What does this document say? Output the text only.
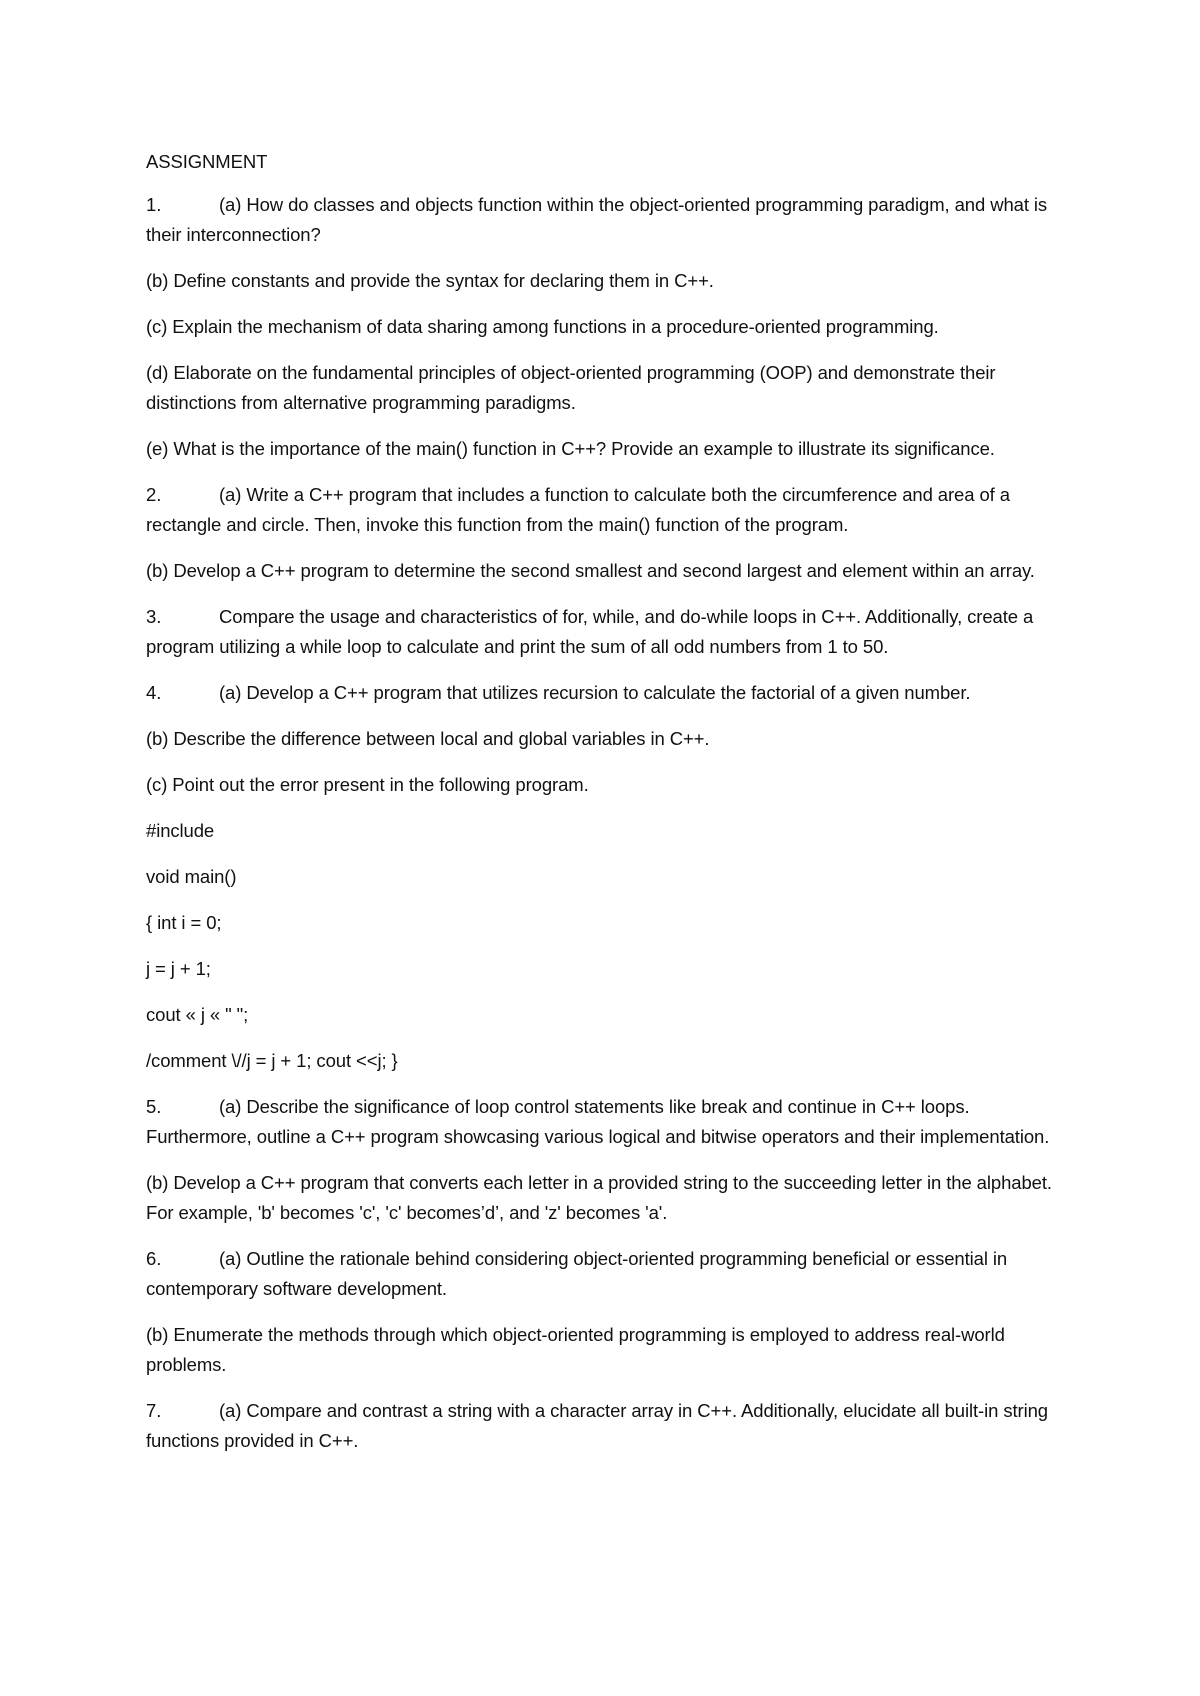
ASSIGNMENT
1.	(a) How do classes and objects function within the object-oriented programming paradigm, and what is their interconnection?
(b) Define constants and provide the syntax for declaring them in C++.
(c) Explain the mechanism of data sharing among functions in a procedure-oriented programming.
(d) Elaborate on the fundamental principles of object-oriented programming (OOP) and demonstrate their distinctions from alternative programming paradigms.
(e) What is the importance of the main() function in C++? Provide an example to illustrate its significance.
2.	(a) Write a C++ program that includes a function to calculate both the circumference and area of a rectangle and circle. Then, invoke this function from the main() function of the program.
(b) Develop a C++ program to determine the second smallest and second largest and element within an array.
3.	Compare the usage and characteristics of for, while, and do-while loops in C++. Additionally, create a program utilizing a while loop to calculate and print the sum of all odd numbers from 1 to 50.
4.	(a) Develop a C++ program that utilizes recursion to calculate the factorial of a given number.
(b) Describe the difference between local and global variables in C++.
(c) Point out the error present in the following program.
#include
void main()
{ int i = 0;
j = j + 1;
cout « j « " ";
/comment \//j = j + 1; cout <<j; }
5.	(a) Describe the significance of loop control statements like break and continue in C++ loops. Furthermore, outline a C++ program showcasing various logical and bitwise operators and their implementation.
(b) Develop a C++ program that converts each letter in a provided string to the succeeding letter in the alphabet. For example, 'b' becomes 'c', 'c' becomes’d’, and 'z' becomes 'a'.
6.	(a) Outline the rationale behind considering object-oriented programming beneficial or essential in contemporary software development.
(b) Enumerate the methods through which object-oriented programming is employed to address real-world problems.
7.	(a) Compare and contrast a string with a character array in C++. Additionally, elucidate all built-in string functions provided in C++.
